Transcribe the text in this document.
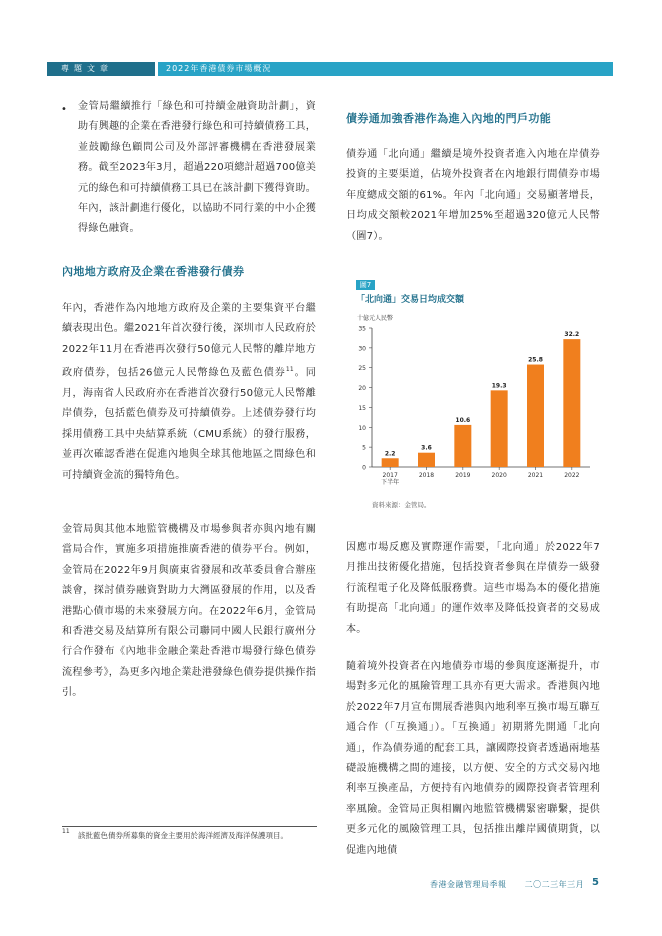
專題文章	2022年香港債券市場概況
• 金管局繼續推行「綠色和可持續金融資助計劃」，資助有興趣的企業在香港發行綠色和可持續債務工具，並鼓勵綠色顧問公司及外部評審機構在香港發展業務。截至2023年3月，超過220項總計超過700億美元的綠色和可持續債務工具已在該計劃下獲得資助。年內，該計劃進行優化，以協助不同行業的中小企獲得綠色融資。

內地地方政府及企業在香港發行債券

年內，香港作為內地地方政府及企業的主要集資平台繼續表現出色。繼2021年首次發行後，深圳市人民政府於2022年11月在香港再次發行50億元人民幣的離岸地方政府債券，包括26億元人民幣綠色及藍色債券$^{11}$。同月，海南省人民政府亦在香港首次發行50億元人民幣離岸債券，包括藍色債券及可持續債券。上述債券發行均採用債務工具中央結算系統（CMU系統）的發行服務，並再次確認香港在促進內地與全球其他地區之間綠色和可持續資金流的獨特角色。

金管局與其他本地監管機構及市場參與者亦與內地有關當局合作，實施多項措施推廣香港的債券平台。例如，金管局在2022年9月與廣東省發展和改革委員會合辦座談會，探討債券融資對助力大灣區發展的作用，以及香港點心債市場的未來發展方向。在2022年6月，金管局和香港交易及結算所有限公司聯同中國人民銀行廣州分行合作發布《內地非金融企業赴香港市場發行綠色債券流程參考》，為更多內地企業赴港發綠色債券提供操作指引。

11	該批藍色債券所募集的資金主要用於海洋經濟及海洋保護項目。
債券通加強香港作為進入內地的門戶功能

債券通「北向通」繼續是境外投資者進入內地在岸債券投資的主要渠道，佔境外投資者在內地銀行間債券市場年度總成交額的61%。年內「北向通」交易顯著增長，日均成交額較2021年增加25%至超過320億元人民幣（圖7）。

圖7
「北向通」交易日均成交額
十億元人民幣
0
5
10
15
20
25
30
35
2.2
2017
下半年
3.6
2018
10.6
2019
19.3
2020
25.8
2021
32.2
2022
資料來源：金管局。

因應市場反應及實際運作需要，「北向通」於2022年7月推出技術優化措施，包括投資者參與在岸債券一級發行流程電子化及降低服務費。這些市場為本的優化措施有助提高「北向通」的運作效率及降低投資者的交易成本。

隨着境外投資者在內地債券市場的參與度逐漸提升，市場對多元化的風險管理工具亦有更大需求。香港與內地於2022年7月宣布開展香港與內地利率互換市場互聯互通合作（「互換通」）。「互換通」初期將先開通「北向通」，作為債券通的配套工具，讓國際投資者透過兩地基礎設施機構之間的連接，以方便、安全的方式交易內地利率互換產品，方便持有內地債券的國際投資者管理利率風險。金管局正與相關內地監管機構緊密聯繫，提供更多元化的風險管理工具，包括推出離岸國債期貨，以促進內地債

香港金融管理局季報 二〇二三年三月 5
